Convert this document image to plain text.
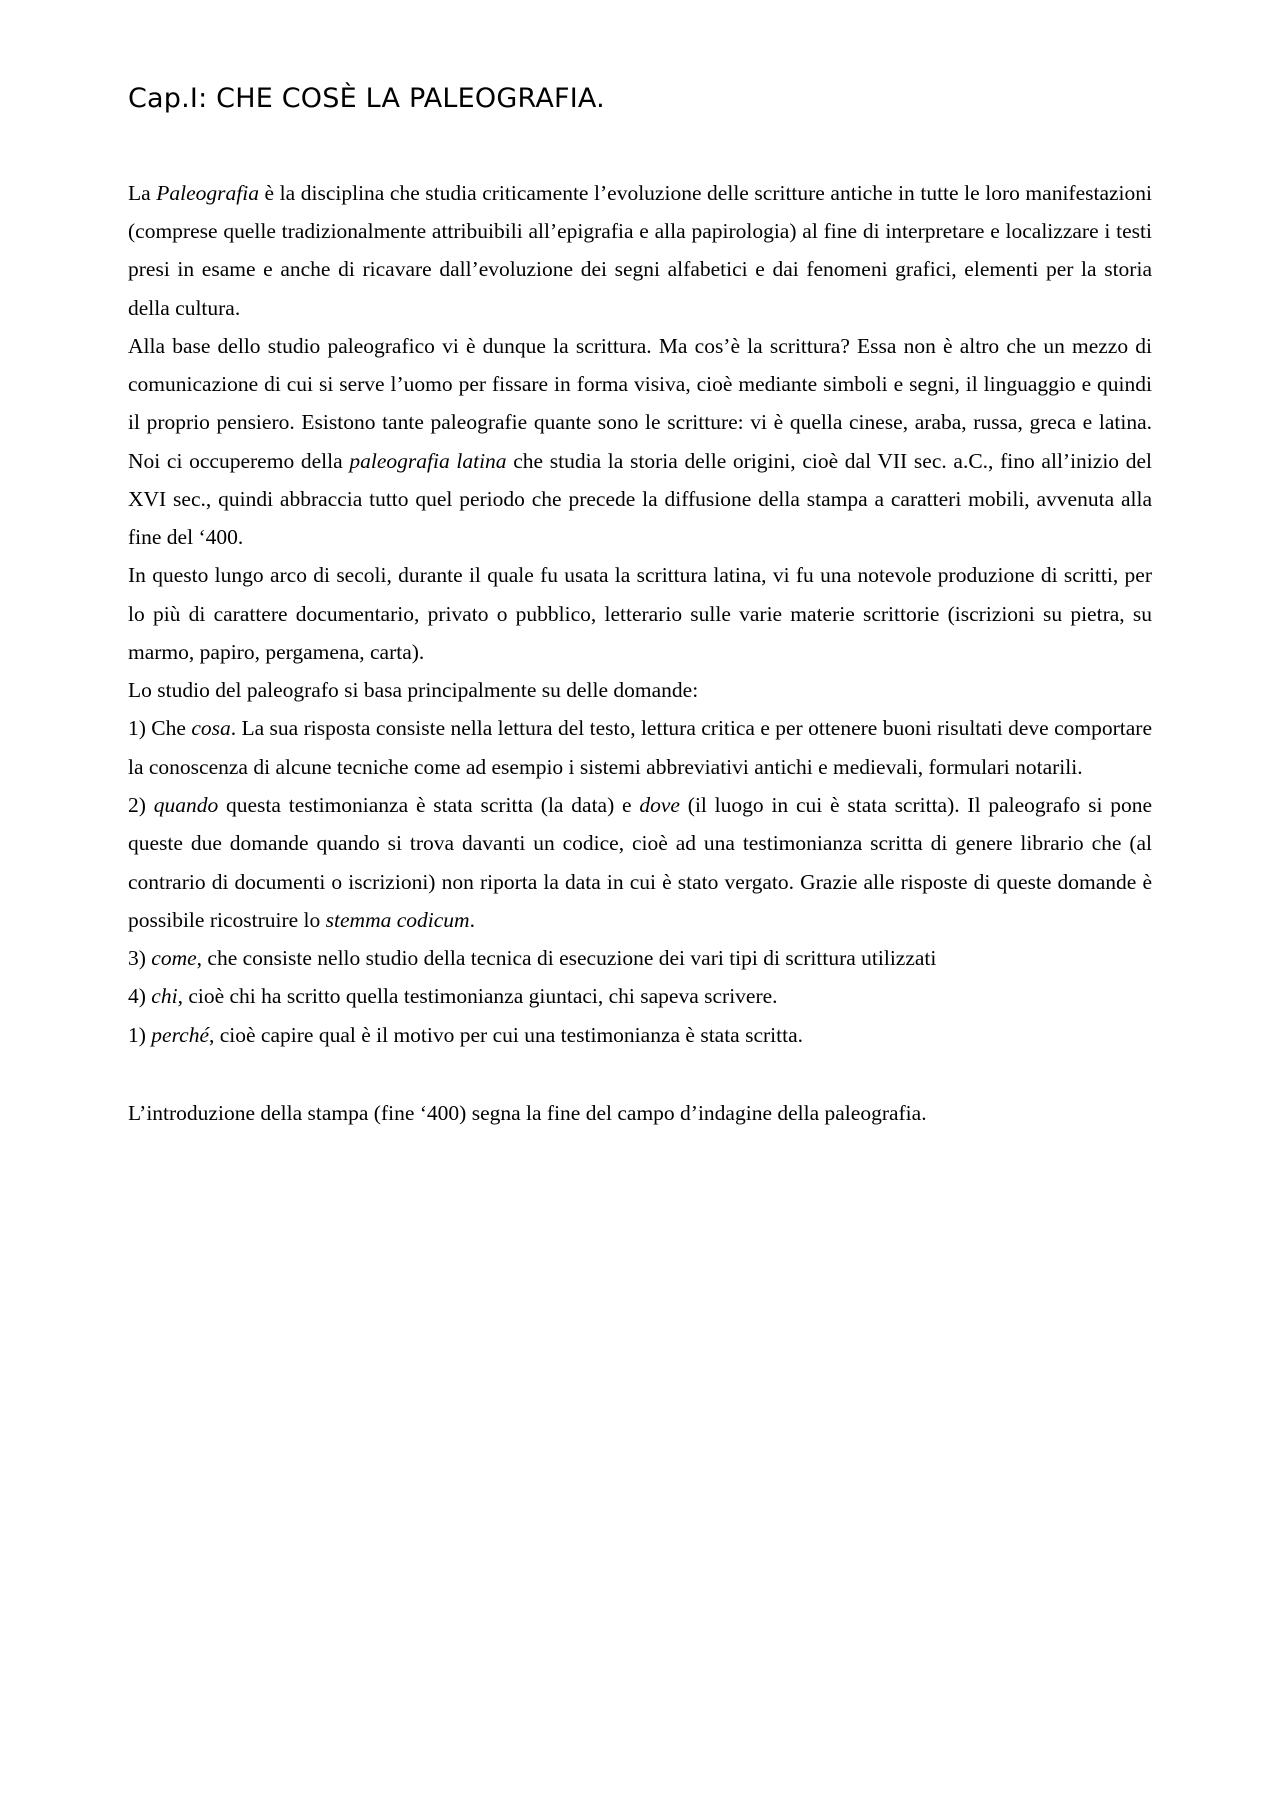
Cap.I: CHE COSÈ LA PALEOGRAFIA.

La Paleografia è la disciplina che studia criticamente l’evoluzione delle scritture antiche in tutte le loro manifestazioni (comprese quelle tradizionalmente attribuibili all’epigrafia e alla papirologia) al fine di interpretare e localizzare i testi presi in esame e anche di ricavare dall’evoluzione dei segni alfabetici e dai fenomeni grafici, elementi per la storia della cultura.

Alla base dello studio paleografico vi è dunque la scrittura. Ma cos’è la scrittura? Essa non è altro che un mezzo di comunicazione di cui si serve l’uomo per fissare in forma visiva, cioè mediante simboli e segni, il linguaggio e quindi il proprio pensiero. Esistono tante paleografie quante sono le scritture: vi è quella cinese, araba, russa, greca e latina. Noi ci occuperemo della paleografia latina che studia la storia delle origini, cioè dal VII sec. a.C., fino all’inizio del XVI sec., quindi abbraccia tutto quel periodo che precede la diffusione della stampa a caratteri mobili, avvenuta alla fine del ‘400.

In questo lungo arco di secoli, durante il quale fu usata la scrittura latina, vi fu una notevole produzione di scritti, per lo più di carattere documentario, privato o pubblico, letterario sulle varie materie scrittorie (iscrizioni su pietra, su marmo, papiro, pergamena, carta).

Lo studio del paleografo si basa principalmente su delle domande:

1) Che cosa. La sua risposta consiste nella lettura del testo, lettura critica e per ottenere buoni risultati deve comportare la conoscenza di alcune tecniche come ad esempio i sistemi abbreviativi antichi e medievali, formulari notarili.

2) quando questa testimonianza è stata scritta (la data) e dove (il luogo in cui è stata scritta). Il paleografo si pone queste due domande quando si trova davanti un codice, cioè ad una testimonianza scritta di genere librario che (al contrario di documenti o iscrizioni) non riporta la data in cui è stato vergato. Grazie alle risposte di queste domande è possibile ricostruire lo stemma codicum.

3) come, che consiste nello studio della tecnica di esecuzione dei vari tipi di scrittura utilizzati

4) chi, cioè chi ha scritto quella testimonianza giuntaci, chi sapeva scrivere.

1) perché, cioè capire qual è il motivo per cui una testimonianza è stata scritta.

L’introduzione della stampa (fine ‘400) segna la fine del campo d’indagine della paleografia.
